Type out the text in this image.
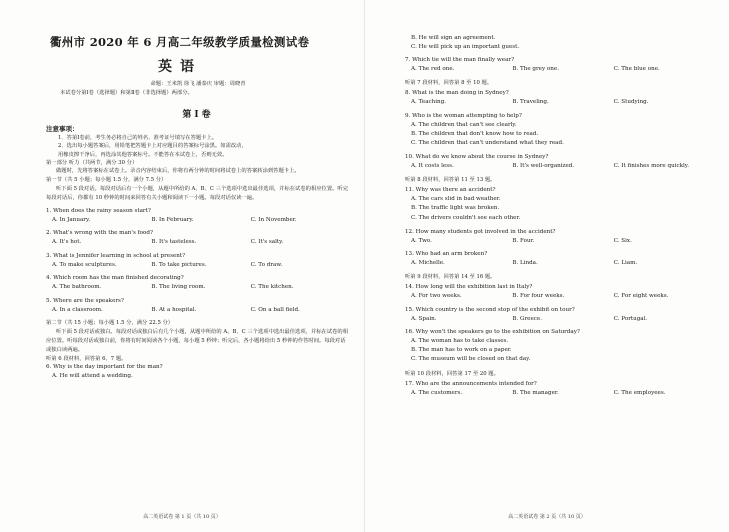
衢州市 2020 年 6 月高二年级教学质量检测试卷
英语
命题：王米凯 徐飞 潘泰庆 审题：周晓青
本试卷分第Ⅰ卷（选择题）和第Ⅱ卷（非选择题）两部分。
第Ⅰ卷
注意事项：
1．答第Ⅰ卷前，考生务必将自己的姓名、准考证号填写在答题卡上。
2．选出每小题答案后，用铅笔把答题卡上对应题目的答案标号涂黑。如需改动，
用橡皮擦干净后，再选涂其他答案标号。不能答在本试卷上，否则无效。
第一部分 听力（共两节，满分 30 分）
做题时，先将答案标在试卷上。录音内容结束后，你将有两分钟的时间将试卷上的答案转涂到答题卡上。
第一节（共 5 小题；每小题 1.5 分，满分 7.5 分）
听下面 5 段对话。每段对话后有一个小题，从题中所给的 A、B、C 三个选项中选出最佳选项，并标在试卷的相应位置。听完每段对话后，你都有 10 秒钟的时间来回答有关小题和阅读下一小题。每段对话仅读一遍。
1. When does the rainy season start?
A. In January.	B. In February.	C. In November.
2. What's wrong with the man's food?
A. It's hot.	B. It's tasteless.	C. It's salty.
3. What is Jennifer learning in school at present?
A. To make sculptures.	B. To take pictures.	C. To draw.
4. Which room has the man finished decorating?
A. The bathroom.	B. The living room.	C. The kitchen.
5. Where are the speakers?
A. In a classroom.	B. At a hospital.	C. On a ball field.
第二节（共 15 小题；每小题 1.5 分，满分 22.5 分）
听下面 5 段对话或独白。每段对话或独白后有几个小题，从题中所给的 A、B、C 三个选项中选出最佳选项，并标在试卷的相应位置。听每段对话或独白前，你将有时间阅读各个小题，每小题 5 秒钟；听完后，各小题将给出 5 秒钟的作答时间。每段对话或独白读两遍。
听第 6 段材料，回答第 6、7 题。
6. Why is the day important for the man?
A. He will attend a wedding.
高二英语试卷 第 1 页（共 10 页）
B. He will sign an agreement.
C. He will pick up an important guest.
7. Which tie will the man finally wear?
A. The red one.	B. The grey one.	C. The blue one.
听第 7 段材料，回答第 8 至 10 题。
8. What is the man doing in Sydney?
A. Teaching.	B. Traveling.	C. Studying.
9. Who is the woman attempting to help?
A. The children that can't see clearly.
B. The children that don't know how to read.
C. The children that can't understand what they read.
10. What do we know about the course in Sydney?
A. It costs less.	B. It's well-organized.	C. It finishes more quickly.
听第 8 段材料，回答第 11 至 13 题。
11. Why was there an accident?
A. The cars slid in bad weather.
B. The traffic light was broken.
C. The drivers couldn't see each other.
12. How many students got involved in the accident?
A. Two.	B. Four.	C. Six.
13. Who had an arm broken?
A. Michelle.	B. Linda.	C. Liam.
听第 9 段材料，回答第 14 至 16 题。
14. How long will the exhibition last in Italy?
A. For two weeks.	B. For four weeks.	C. For eight weeks.
15. Which country is the second stop of the exhibit on tour?
A. Spain.	B. Greece.	C. Portugal.
16. Why won't the speakers go to the exhibition on Saturday?
A. The woman has to take classes.
B. The man has to work on a paper.
C. The museum will be closed on that day.
听第 10 段材料，回答第 17 至 20 题。
17. Who are the announcements intended for?
A. The customers.	B. The manager.	C. The employees.
高二英语试卷 第 2 页（共 10 页）
